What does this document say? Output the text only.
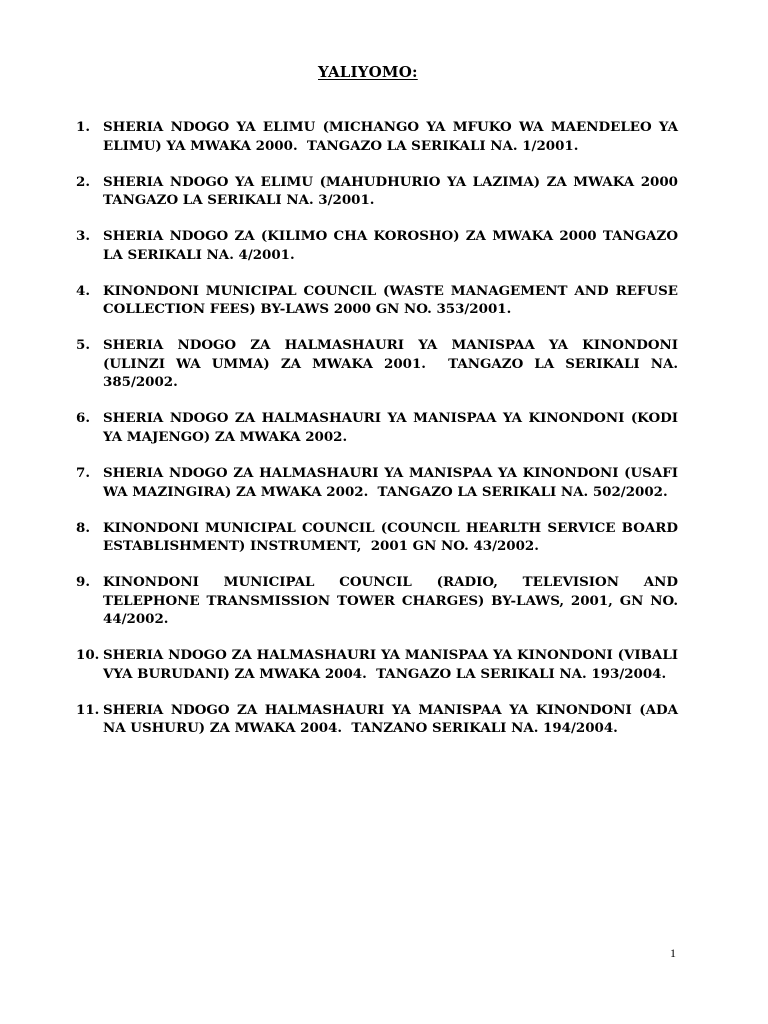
YALIYOMO:
1. SHERIA NDOGO YA ELIMU (MICHANGO YA MFUKO WA MAENDELEO YA ELIMU) YA MWAKA 2000.  TANGAZO LA SERIKALI NA. 1/2001.
2. SHERIA NDOGO YA ELIMU (MAHUDHURIO YA LAZIMA) ZA MWAKA 2000 TANGAZO LA SERIKALI NA. 3/2001.
3. SHERIA NDOGO ZA (KILIMO CHA KOROSHO) ZA MWAKA 2000 TANGAZO LA SERIKALI NA. 4/2001.
4. KINONDONI MUNICIPAL COUNCIL (WASTE MANAGEMENT AND REFUSE COLLECTION FEES) BY-LAWS 2000 GN NO. 353/2001.
5. SHERIA NDOGO ZA HALMASHAURI YA MANISPAA YA KINONDONI (ULINZI WA UMMA) ZA MWAKA 2001.  TANGAZO LA SERIKALI NA. 385/2002.
6. SHERIA NDOGO ZA HALMASHAURI YA MANISPAA YA KINONDONI (KODI YA MAJENGO) ZA MWAKA 2002.
7. SHERIA NDOGO ZA HALMASHAURI YA MANISPAA YA KINONDONI (USAFI WA MAZINGIRA) ZA MWAKA 2002.  TANGAZO LA SERIKALI NA. 502/2002.
8. KINONDONI MUNICIPAL COUNCIL (COUNCIL HEARLTH SERVICE BOARD ESTABLISHMENT) INSTRUMENT,  2001 GN NO. 43/2002.
9. KINONDONI MUNICIPAL COUNCIL (RADIO, TELEVISION AND TELEPHONE TRANSMISSION TOWER CHARGES) BY-LAWS, 2001, GN NO. 44/2002.
10. SHERIA NDOGO ZA HALMASHAURI YA MANISPAA YA KINONDONI (VIBALI VYA BURUDANI) ZA MWAKA 2004.  TANGAZO LA SERIKALI NA. 193/2004.
11. SHERIA NDOGO ZA HALMASHAURI YA MANISPAA YA KINONDONI (ADA NA USHURU) ZA MWAKA 2004.  TANZANO SERIKALI NA. 194/2004.
1
